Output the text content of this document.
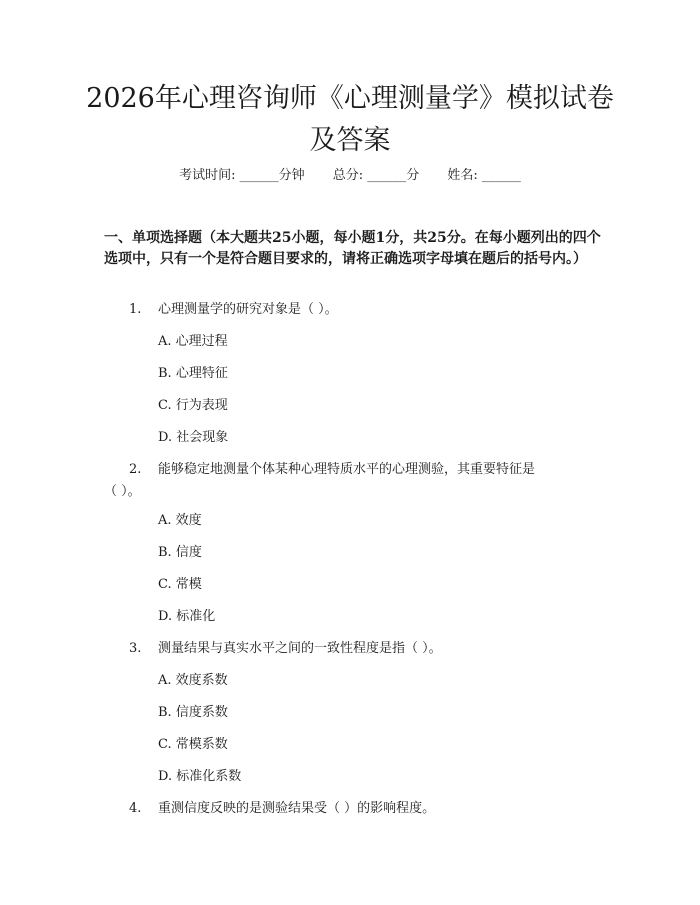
2026年心理咨询师《心理测量学》模拟试卷
及答案
考试时间: ______分钟 总分: ______分 姓名: ______

一、单项选择题（本大题共25小题，每小题1分，共25分。在每小题列出的四个选项中，只有一个是符合题目要求的，请将正确选项字母填在题后的括号内。）

1. 心理测量学的研究对象是（ ）。
A. 心理过程
B. 心理特征
C. 行为表现
D. 社会现象
2. 能够稳定地测量个体某种心理特质水平的心理测验，其重要特征是
（ ）。
A. 效度
B. 信度
C. 常模
D. 标准化
3. 测量结果与真实水平之间的一致性程度是指（ ）。
A. 效度系数
B. 信度系数
C. 常模系数
D. 标准化系数
4. 重测信度反映的是测验结果受（ ）的影响程度。
